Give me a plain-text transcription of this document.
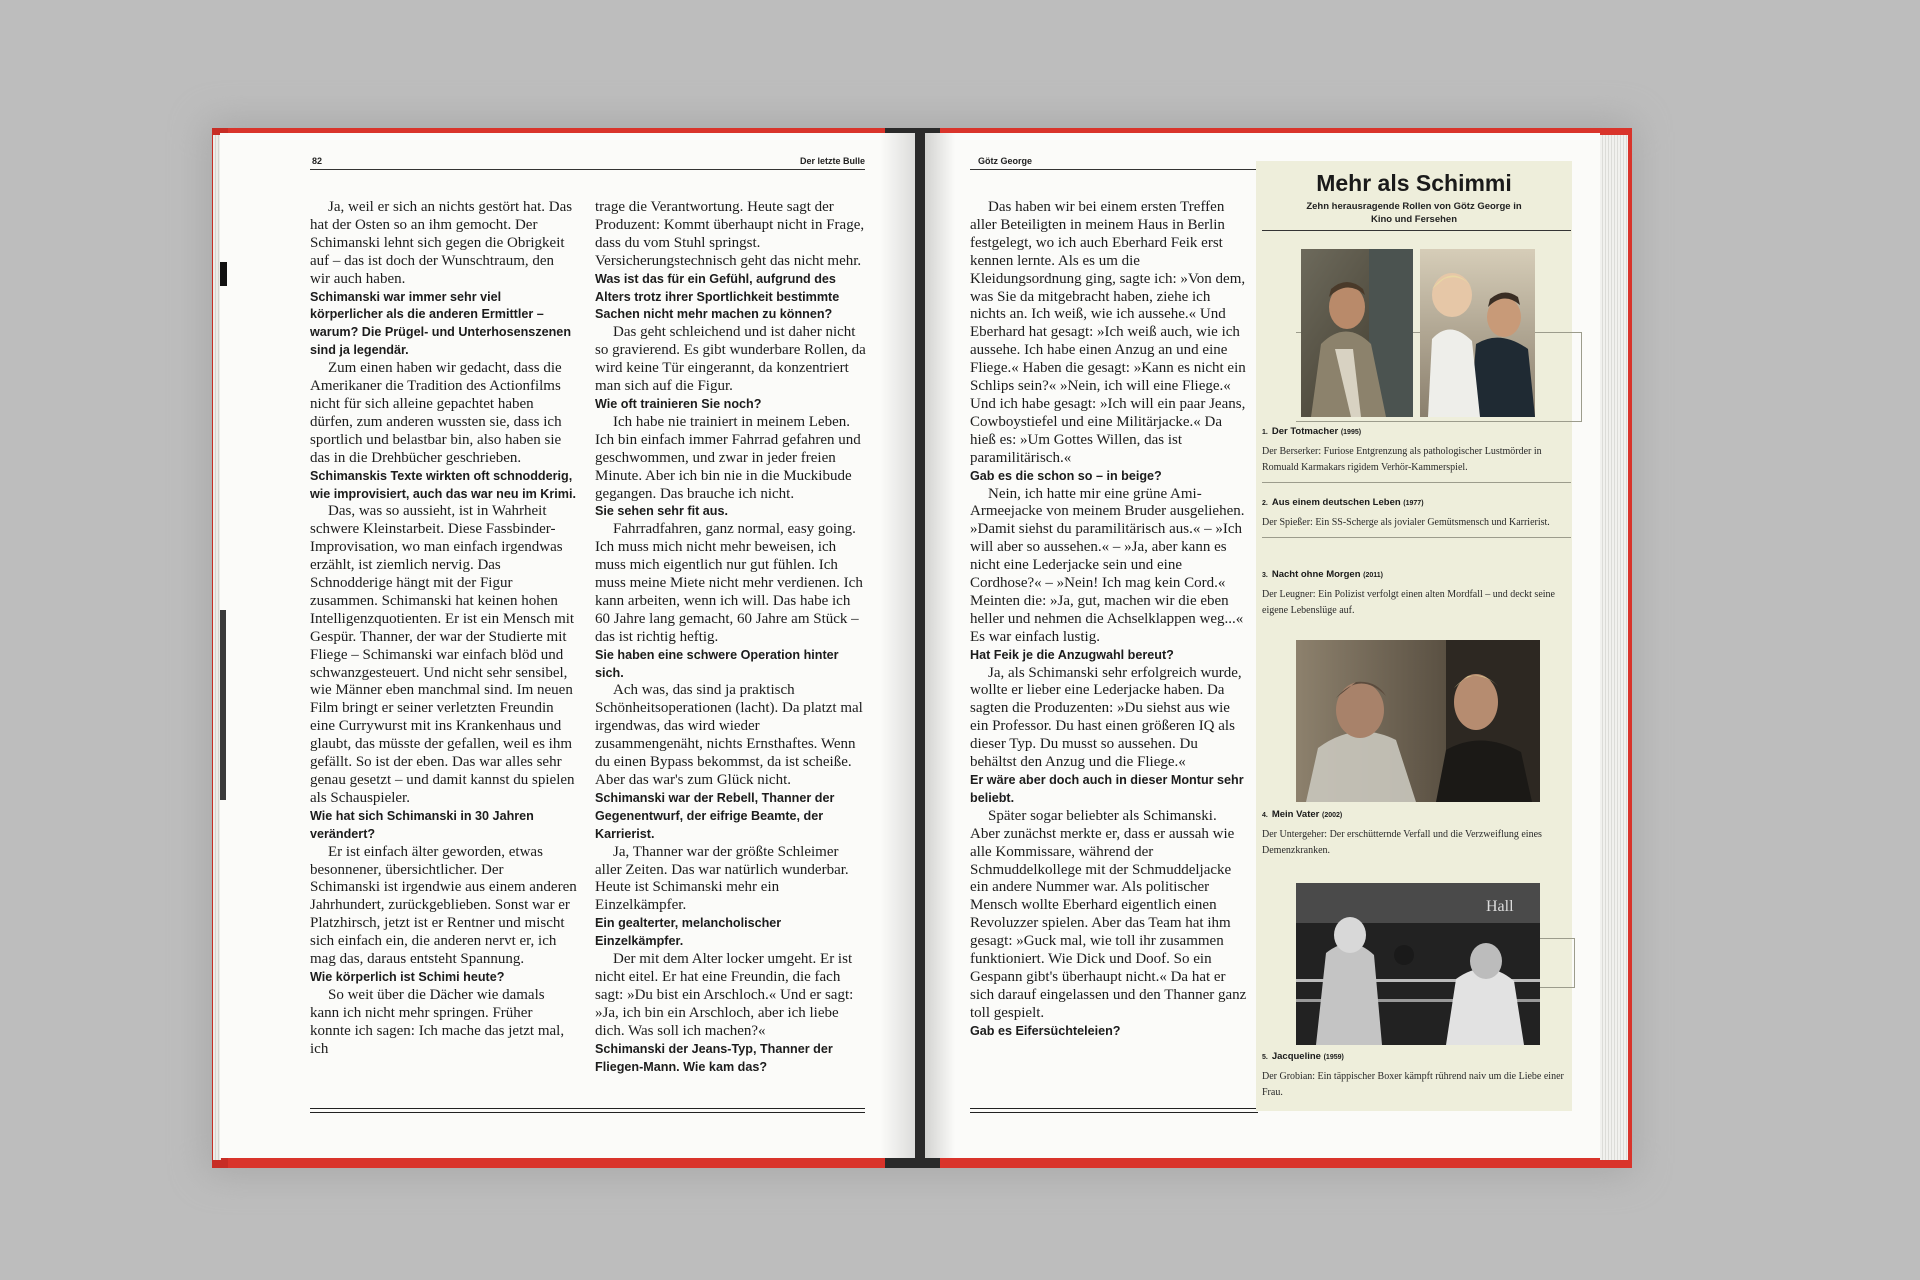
82	Der letzte Bulle

Ja, weil er sich an nichts gestört hat. Das hat der Osten so an ihm gemocht. Der Schimanski lehnt sich gegen die Obrigkeit auf – das ist doch der Wunschtraum, den wir auch haben.

Schimanski war immer sehr viel körperlicher als die anderen Ermittler – warum? Die Prügel- und Unterhosenszenen sind ja legendär.

Zum einen haben wir gedacht, dass die Amerikaner die Tradition des Actionfilms nicht für sich alleine gepachtet haben dürfen, zum anderen wussten sie, dass ich sportlich und belastbar bin, also haben sie das in die Drehbücher geschrieben.

Schimanskis Texte wirkten oft schnodderig, wie improvisiert, auch das war neu im Krimi.

Das, was so aussieht, ist in Wahrheit schwere Kleinstarbeit. Diese Fassbinder-Improvisation, wo man einfach irgendwas erzählt, ist ziemlich nervig. Das Schnodderige hängt mit der Figur zusammen. Schimanski hat keinen hohen Intelligenzquotienten. Er ist ein Mensch mit Gespür. Thanner, der war der Studierte mit Fliege – Schimanski war einfach blöd und schwanzgesteuert. Und nicht sehr sensibel, wie Männer eben manchmal sind. Im neuen Film bringt er seiner verletzten Freundin eine Currywurst mit ins Krankenhaus und glaubt, das müsste der gefallen, weil es ihm gefällt. So ist der eben. Das war alles sehr genau gesetzt – und damit kannst du spielen als Schauspieler.

Wie hat sich Schimanski in 30 Jahren verändert?

Er ist einfach älter geworden, etwas besonnener, übersichtlicher. Der Schimanski ist irgendwie aus einem anderen Jahrhundert, zurückgeblieben. Sonst war er Platzhirsch, jetzt ist er Rentner und mischt sich einfach ein, die anderen nervt er, ich mag das, daraus entsteht Spannung.

Wie körperlich ist Schimi heute?

So weit über die Dächer wie damals kann ich nicht mehr springen. Früher konnte ich sagen: Ich mache das jetzt mal, ich

trage die Verantwortung. Heute sagt der Produzent: Kommt überhaupt nicht in Frage, dass du vom Stuhl springst. Versicherungstechnisch geht das nicht mehr.

Was ist das für ein Gefühl, aufgrund des Alters trotz ihrer Sportlichkeit bestimmte Sachen nicht mehr machen zu können?

Das geht schleichend und ist daher nicht so gravierend. Es gibt wunderbare Rollen, da wird keine Tür eingerannt, da konzentriert man sich auf die Figur.

Wie oft trainieren Sie noch?

Ich habe nie trainiert in meinem Leben. Ich bin einfach immer Fahrrad gefahren und geschwommen, und zwar in jeder freien Minute. Aber ich bin nie in die Muckibude gegangen. Das brauche ich nicht.

Sie sehen sehr fit aus.

Fahrradfahren, ganz normal, easy going. Ich muss mich nicht mehr beweisen, ich muss mich eigentlich nur gut fühlen. Ich muss meine Miete nicht mehr verdienen. Ich kann arbeiten, wenn ich will. Das habe ich 60 Jahre lang gemacht, 60 Jahre am Stück – das ist richtig heftig.

Sie haben eine schwere Operation hinter sich.

Ach was, das sind ja praktisch Schönheitsoperationen (lacht). Da platzt mal irgendwas, das wird wieder zusammengenäht, nichts Ernsthaftes. Wenn du einen Bypass bekommst, da ist scheiße. Aber das war's zum Glück nicht.

Schimanski war der Rebell, Thanner der Gegenentwurf, der eifrige Beamte, der Karrierist.

Ja, Thanner war der größte Schleimer aller Zeiten. Das war natürlich wunderbar. Heute ist Schimanski mehr ein Einzelkämpfer.

Ein gealterter, melancholischer Einzelkämpfer.

Der mit dem Alter locker umgeht. Er ist nicht eitel. Er hat eine Freundin, die fach sagt: »Du bist ein Arschloch.« Und er sagt: »Ja, ich bin ein Arschloch, aber ich liebe dich. Was soll ich machen?«

Schimanski der Jeans-Typ, Thanner der Fliegen-Mann. Wie kam das?

Götz George

Das haben wir bei einem ersten Treffen aller Beteiligten in meinem Haus in Berlin festgelegt, wo ich auch Eberhard Feik erst kennen lernte. Als es um die Kleidungsordnung ging, sagte ich: »Von dem, was Sie da mitgebracht haben, ziehe ich nichts an. Ich weiß, wie ich aussehe.« Und Eberhard hat gesagt: »Ich weiß auch, wie ich aussehe. Ich habe einen Anzug an und eine Fliege.« Haben die gesagt: »Kann es nicht ein Schlips sein?« »Nein, ich will eine Fliege.« Und ich habe gesagt: »Ich will ein paar Jeans, Cowboystiefel und eine Militärjacke.« Da hieß es: »Um Gottes Willen, das ist paramilitärisch.«

Gab es die schon so – in beige?

Nein, ich hatte mir eine grüne Ami-Armeejacke von meinem Bruder ausgeliehen. »Damit siehst du paramilitärisch aus.« – »Ich will aber so aussehen.« – »Ja, aber kann es nicht eine Lederjacke sein und eine Cordhose?« – »Nein! Ich mag kein Cord.« Meinten die: »Ja, gut, machen wir die eben heller und nehmen die Achselklappen weg...« Es war einfach lustig.

Hat Feik je die Anzugwahl bereut?

Ja, als Schimanski sehr erfolgreich wurde, wollte er lieber eine Lederjacke haben. Da sagten die Produzenten: »Du siehst aus wie ein Professor. Du hast einen größeren IQ als dieser Typ. Du musst so aussehen. Du behältst den Anzug und die Fliege.«

Er wäre aber doch auch in dieser Montur sehr beliebt.

Später sogar beliebter als Schimanski. Aber zunächst merkte er, dass er aussah wie alle Kommissare, während der Schmuddelkollege mit der Schmuddeljacke ein andere Nummer war. Als politischer Mensch wollte Eberhard eigentlich einen Revoluzzer spielen. Aber das Team hat ihm gesagt: »Guck mal, wie toll ihr zusammen funktioniert. Wie Dick und Doof. So ein Gespann gibt's überhaupt nicht.« Da hat er sich darauf eingelassen und den Thanner ganz toll gespielt.

Gab es Eifersüchteleien?

Mehr als Schimmi
Zehn herausragende Rollen von Götz George in Kino und Fersehen
Hall
1. Der Totmacher (1995)
Der Berserker: Furiose Entgrenzung als pathologischer Lustmörder in Romuald Karmakars rigidem Verhör-Kammerspiel.
2. Aus einem deutschen Leben (1977)
Der Spießer: Ein SS-Scherge als jovialer Gemütsmensch und Karrierist.
3. Nacht ohne Morgen (2011)
Der Leugner: Ein Polizist verfolgt einen alten Mordfall – und deckt seine eigene Lebenslüge auf.
4. Mein Vater (2002)
Der Untergeher: Der erschütternde Verfall und die Verzweiflung eines Demenzkranken.
5. Jacqueline (1959)
Der Grobian: Ein täppischer Boxer kämpft rührend naiv um die Liebe einer Frau.
